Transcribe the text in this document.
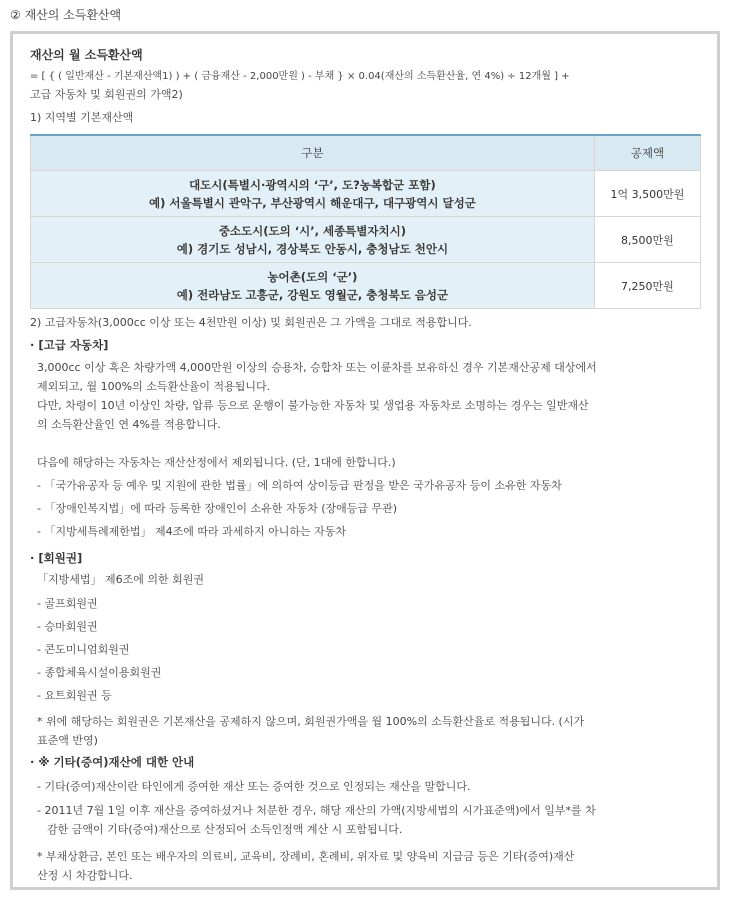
② 재산의 소득환산액
재산의 월 소득환산액
= [ { ( 일반재산 - 기본재산액1) ) + ( 금융재산 - 2,000만원 ) - 부채 } × 0.04(재산의 소득환산율, 연 4%) ÷ 12개월 ] +
고급 자동차 및 회원권의 가액2)
1) 지역별 기본재산액
구분	공제액

대도시(특별시·광역시의 ‘구’, 도?농복합군 포함)
예) 서울특별시 관악구, 부산광역시 해운대구, 대구광역시 달성군	1억 3,500만원

중소도시(도의 ‘시’, 세종특별자치시)
예) 경기도 성남시, 경상북도 안동시, 충청남도 천안시	8,500만원

농어촌(도의 ‘군’)
예) 전라남도 고흥군, 강원도 영월군, 충청북도 음성군	7,250만원
2) 고급자동차(3,000cc 이상 또는 4천만원 이상) 및 회원권은 그 가액을 그대로 적용합니다.
· [고급 자동차]
3,000cc 이상 혹은 차량가액 4,000만원 이상의 승용차, 승합차 또는 이륜차를 보유하신 경우 기본재산공제 대상에서
제외되고, 월 100%의 소득환산율이 적용됩니다.
다만, 차령이 10년 이상인 차량, 압류 등으로 운행이 불가능한 자동차 및 생업용 자동차로 소명하는 경우는 일반재산
의 소득환산율인 연 4%를 적용합니다.
다음에 해당하는 자동차는 재산산정에서 제외됩니다. (단, 1대에 한합니다.)
- 「국가유공자 등 예우 및 지원에 관한 법률」에 의하여 상이등급 판정을 받은 국가유공자 등이 소유한 자동차
- 「장애인복지법」에 따라 등록한 장애인이 소유한 자동차 (장애등급 무관)
- 「지방세특례제한법」 제4조에 따라 과세하지 아니하는 자동차
· [회원권]
「지방세법」 제6조에 의한 회원권
- 골프회원권
- 승마회원권
- 콘도미니엄회원권
- 종합체육시설이용회원권
- 요트회원권 등
* 위에 해당하는 회원권은 기본재산을 공제하지 않으며, 회원권가액을 월 100%의 소득환산율로 적용됩니다. (시가
표준액 반영)
· ※ 기타(증여)재산에 대한 안내
- 기타(증여)재산이란 타인에게 증여한 재산 또는 증여한 것으로 인정되는 재산을 말합니다.
- 2011년 7월 1일 이후 재산을 증여하셨거나 처분한 경우, 해당 재산의 가액(지방세법의 시가표준액)에서 일부*를 차
감한 금액이 기타(증여)재산으로 산정되어 소득인정액 계산 시 포함됩니다.
* 부채상환금, 본인 또는 배우자의 의료비, 교육비, 장례비, 혼례비, 위자료 및 양육비 지급금 등은 기타(증여)재산
산정 시 차감합니다.
